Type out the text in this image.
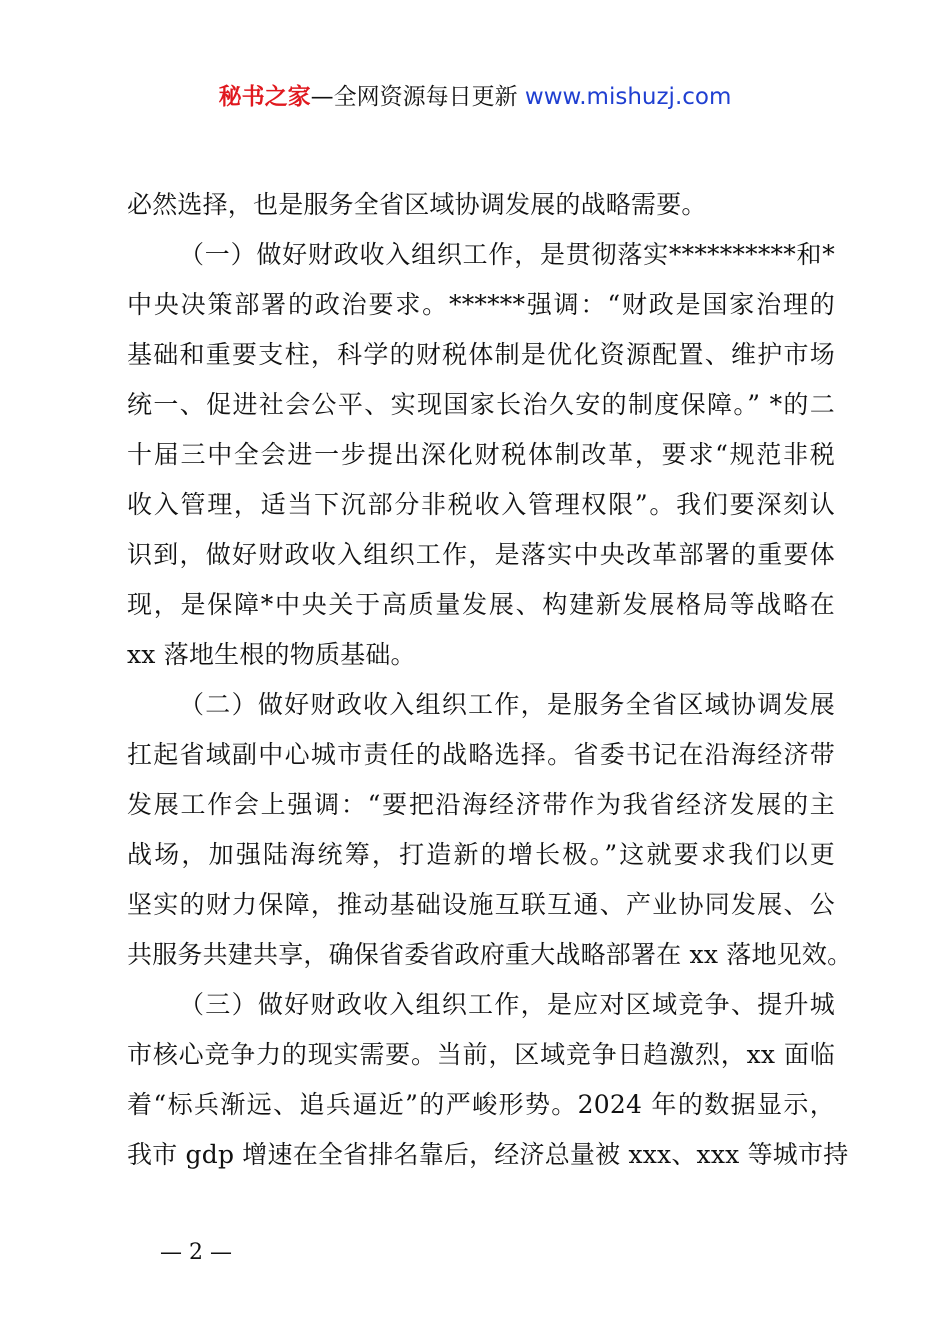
秘书之家—全网资源每日更新 www.mishuzj.com
必然选择，也是服务全省区域协调发展的战略需要。
（一）做好财政收入组织工作，是贯彻落实**********和*
中央决策部署的政治要求。******强调：“财政是国家治理的
基础和重要支柱，科学的财税体制是优化资源配置、维护市场
统一、促进社会公平、实现国家长治久安的制度保障。” *的二
十届三中全会进一步提出深化财税体制改革，要求“规范非税
收入管理，适当下沉部分非税收入管理权限”。我们要深刻认
识到，做好财政收入组织工作，是落实中央改革部署的重要体
现，是保障*中央关于高质量发展、构建新发展格局等战略在
xx 落地生根的物质基础。
（二）做好财政收入组织工作，是服务全省区域协调发展
扛起省域副中心城市责任的战略选择。省委书记在沿海经济带
发展工作会上强调：“要把沿海经济带作为我省经济发展的主
战场，加强陆海统筹，打造新的增长极。”这就要求我们以更
坚实的财力保障，推动基础设施互联互通、产业协同发展、公
共服务共建共享，确保省委省政府重大战略部署在 xx 落地见效。
（三）做好财政收入组织工作，是应对区域竞争、提升城
市核心竞争力的现实需要。当前，区域竞争日趋激烈，xx 面临
着“标兵渐远、追兵逼近”的严峻形势。2024 年的数据显示，
我市 gdp 增速在全省排名靠后，经济总量被 xxx、xxx 等城市持
— 2 —
